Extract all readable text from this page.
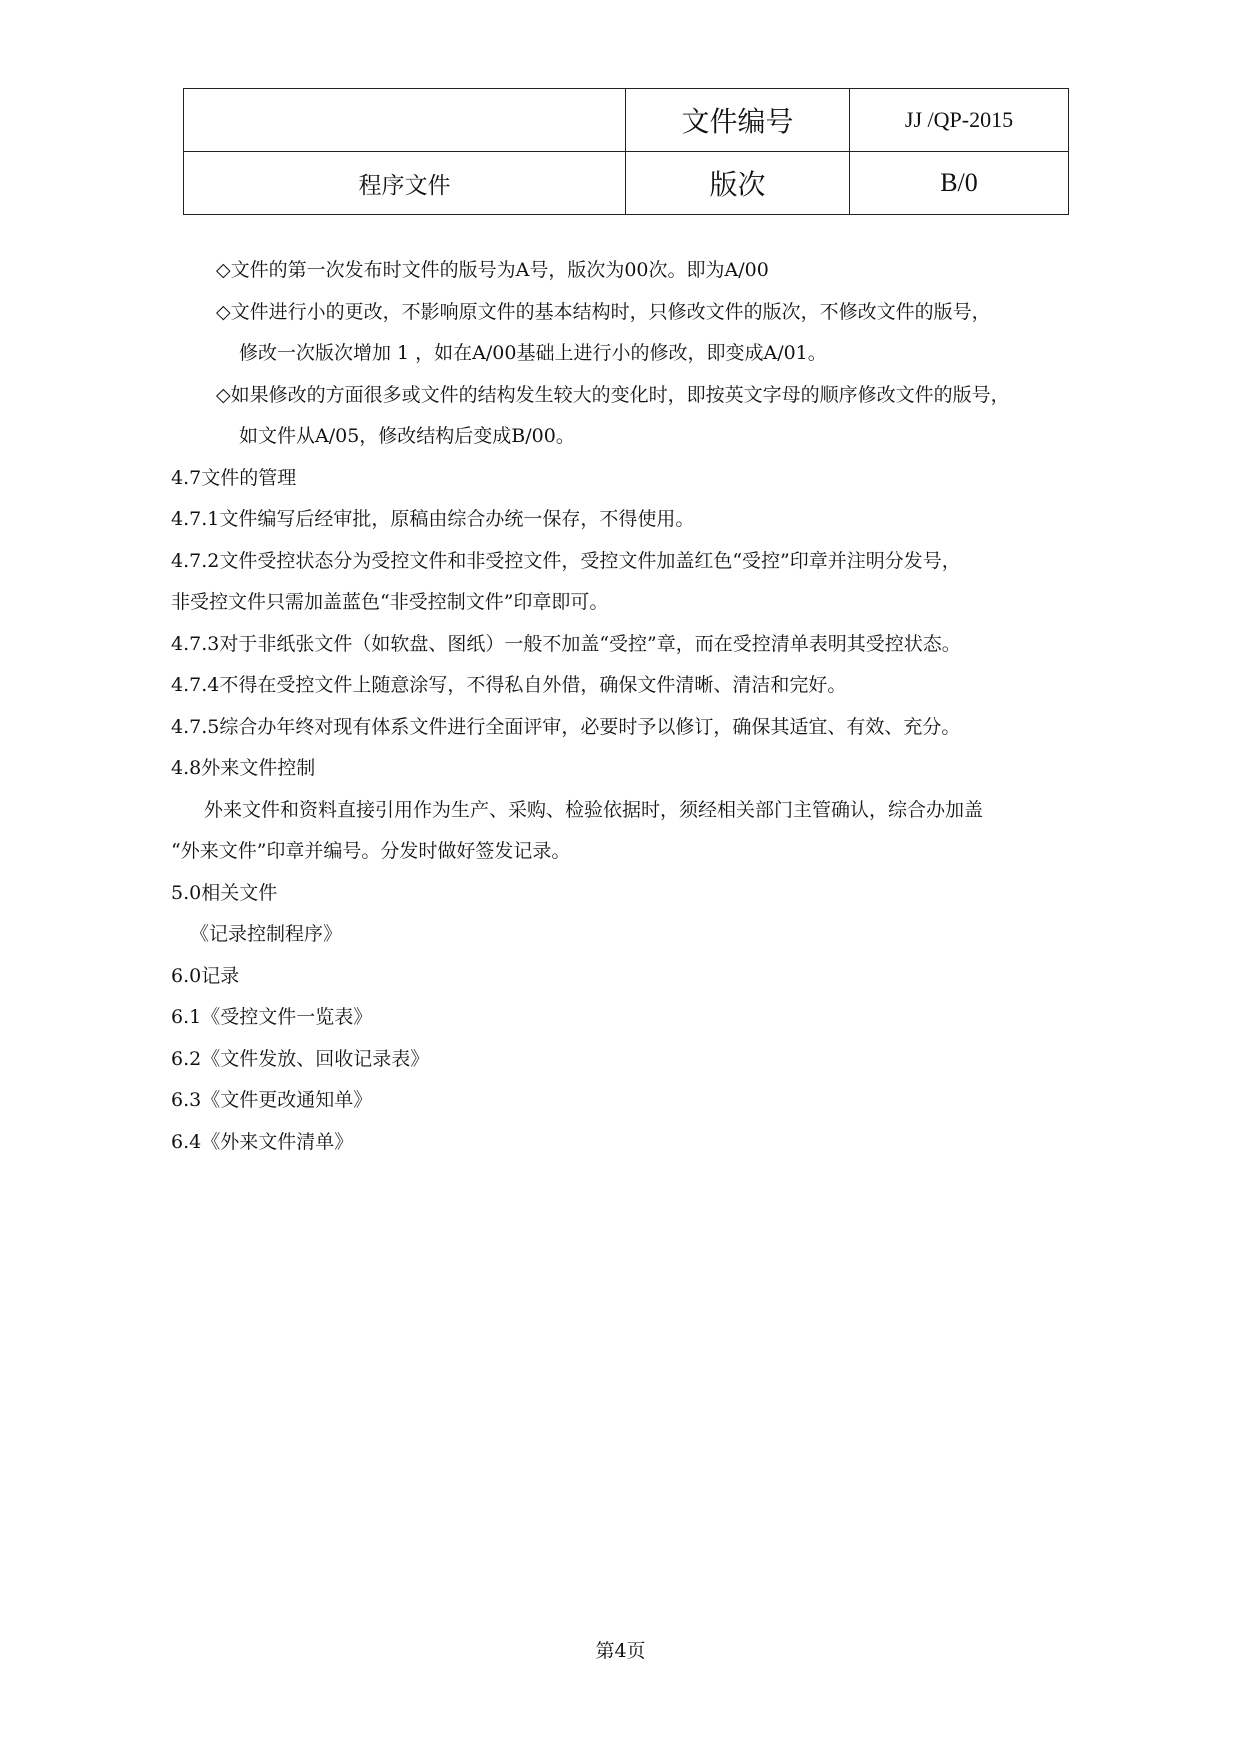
	文件编号	JJ /QP-2015
程序文件	版次	B/0
◇文件的第一次发布时文件的版号为A号，版次为00次。即为A/00
◇文件进行小的更改，不影响原文件的基本结构时，只修改文件的版次，不修改文件的版号，
修改一次版次增加 1 ，如在A/00基础上进行小的修改，即变成A/01。
◇如果修改的方面很多或文件的结构发生较大的变化时，即按英文字母的顺序修改文件的版号，
如文件从A/05，修改结构后变成B/00。
4.7文件的管理
4.7.1文件编写后经审批，原稿由综合办统一保存，不得使用。
4.7.2文件受控状态分为受控文件和非受控文件，受控文件加盖红色“受控”印章并注明分发号，
非受控文件只需加盖蓝色“非受控制文件”印章即可。
4.7.3对于非纸张文件（如软盘、图纸）一般不加盖“受控”章，而在受控清单表明其受控状态。
4.7.4不得在受控文件上随意涂写，不得私自外借，确保文件清晰、清洁和完好。
4.7.5综合办年终对现有体系文件进行全面评审，必要时予以修订，确保其适宜、有效、充分。
4.8外来文件控制
外来文件和资料直接引用作为生产、采购、检验依据时，须经相关部门主管确认，综合办加盖
“外来文件”印章并编号。分发时做好签发记录。
5.0相关文件
《记录控制程序》
6.0记录
6.1《受控文件一览表》
6.2《文件发放、回收记录表》
6.3《文件更改通知单》
6.4《外来文件清单》
第4页
